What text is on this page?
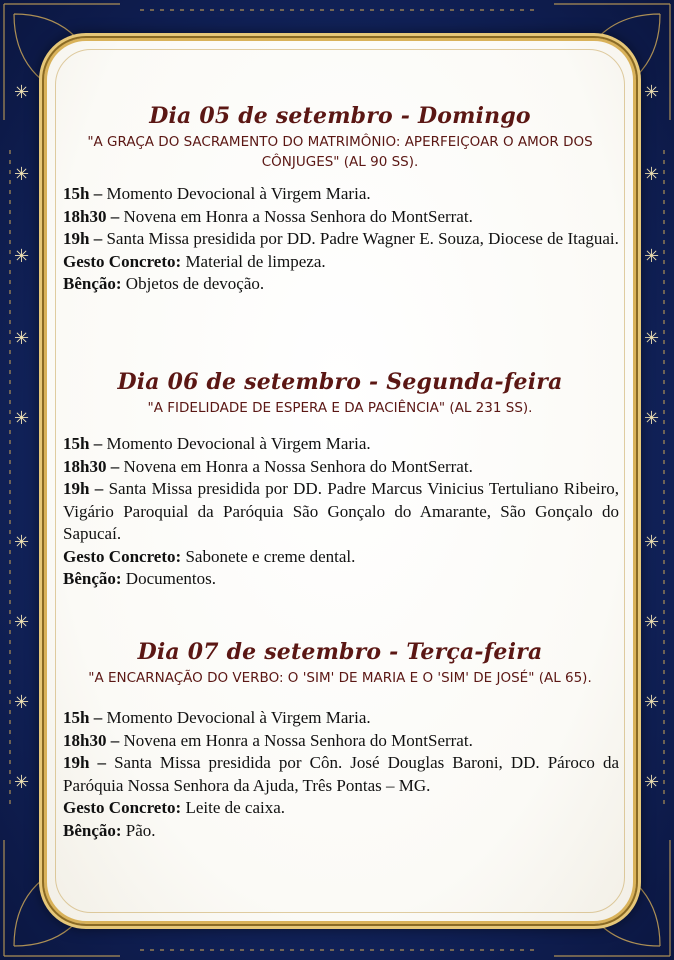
✳
✳
✳
✳
✳
✳
✳
✳
✳
✳
✳
✳
✳
✳
✳
✳
✳
✳
Dia 05 de setembro - Domingo
"A GRAÇA DO SACRAMENTO DO MATRIMÔNIO: APERFEIÇOAR O AMOR DOS CÔNJUGES" (AL 90 SS).

15h – Momento Devocional à Virgem Maria.

18h30 – Novena em Honra a Nossa Senhora do MontSerrat.

19h – Santa Missa presidida por DD. Padre Wagner E. Souza, Diocese de Itaguai.

Gesto Concreto: Material de limpeza.

Bênção: Objetos de devoção.

Dia 06 de setembro - Segunda-feira
"A FIDELIDADE DE ESPERA E DA PACIÊNCIA" (AL 231 SS).

15h – Momento Devocional à Virgem Maria.

18h30 – Novena em Honra a Nossa Senhora do MontSerrat.

19h – Santa Missa presidida por DD. Padre Marcus Vinicius Tertuliano Ribeiro, Vigário Paroquial da Paróquia São Gonçalo do Amarante, São Gonçalo do Sapucaí.

Gesto Concreto: Sabonete e creme dental.

Bênção: Documentos.

Dia 07 de setembro - Terça-feira
"A ENCARNAÇÃO DO VERBO: O 'SIM' DE MARIA E O 'SIM' DE JOSÉ" (AL 65).

15h – Momento Devocional à Virgem Maria.

18h30 – Novena em Honra a Nossa Senhora do MontSerrat.

19h – Santa Missa presidida por Côn. José Douglas Baroni, DD. Pároco da Paróquia Nossa Senhora da Ajuda, Três Pontas – MG.

Gesto Concreto: Leite de caixa.

Bênção: Pão.
